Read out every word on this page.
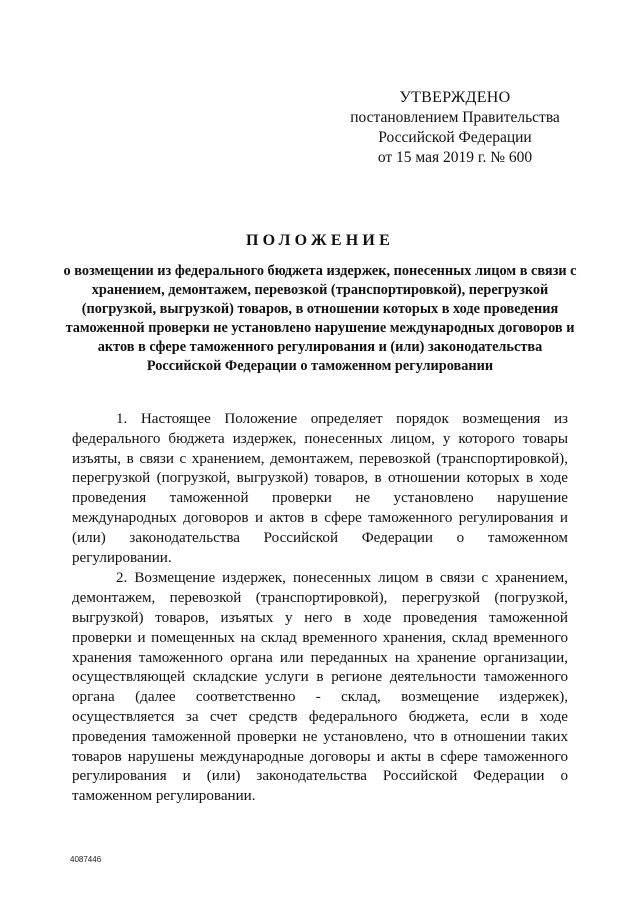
УТВЕРЖДЕНО
постановлением Правительства
Российской Федерации
от 15 мая 2019 г. № 600
ПОЛОЖЕНИЕ
о возмещении из федерального бюджета издержек, понесенных лицом в связи с хранением, демонтажем, перевозкой (транспортировкой), перегрузкой (погрузкой, выгрузкой) товаров, в отношении которых в ходе проведения таможенной проверки не установлено нарушение международных договоров и актов в сфере таможенного регулирования и (или) законодательства Российской Федерации о таможенном регулировании

1. Настоящее Положение определяет порядок возмещения из федерального бюджета издержек, понесенных лицом, у которого товары изъяты, в связи с хранением, демонтажем, перевозкой (транспортировкой), перегрузкой (погрузкой, выгрузкой) товаров, в отношении которых в ходе проведения таможенной проверки не установлено нарушение международных договоров и актов в сфере таможенного регулирования и (или) законодательства Российской Федерации о таможенном регулировании.

2. Возмещение издержек, понесенных лицом в связи с хранением, демонтажем, перевозкой (транспортировкой), перегрузкой (погрузкой, выгрузкой) товаров, изъятых у него в ходе проведения таможенной проверки и помещенных на склад временного хранения, склад временного хранения таможенного органа или переданных на хранение организации, осуществляющей складские услуги в регионе деятельности таможенного органа (далее соответственно - склад, возмещение издержек), осуществляется за счет средств федерального бюджета, если в ходе проведения таможенной проверки не установлено, что в отношении таких товаров нарушены международные договоры и акты в сфере таможенного регулирования и (или) законодательства Российской Федерации о таможенном регулировании.

4087446
